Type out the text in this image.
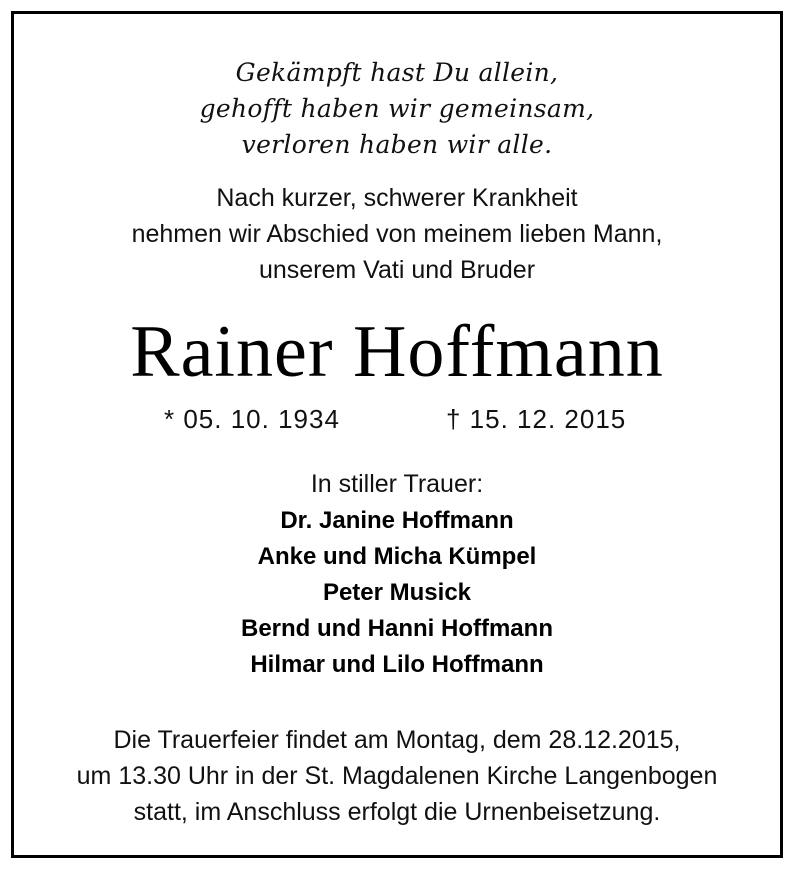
Gekämpft hast Du allein,
gehofft haben wir gemeinsam,
verloren haben wir alle.
Nach kurzer, schwerer Krankheit
nehmen wir Abschied von meinem lieben Mann,
unserem Vati und Bruder
Rainer Hoffmann
* 05. 10. 1934	† 15. 12. 2015
In stiller Trauer:
Dr. Janine Hoffmann
Anke und Micha Kümpel
Peter Musick
Bernd und Hanni Hoffmann
Hilmar und Lilo Hoffmann
Die Trauerfeier findet am Montag, dem 28.12.2015,
um 13.30 Uhr in der St. Magdalenen Kirche Langenbogen
statt, im Anschluss erfolgt die Urnenbeisetzung.
